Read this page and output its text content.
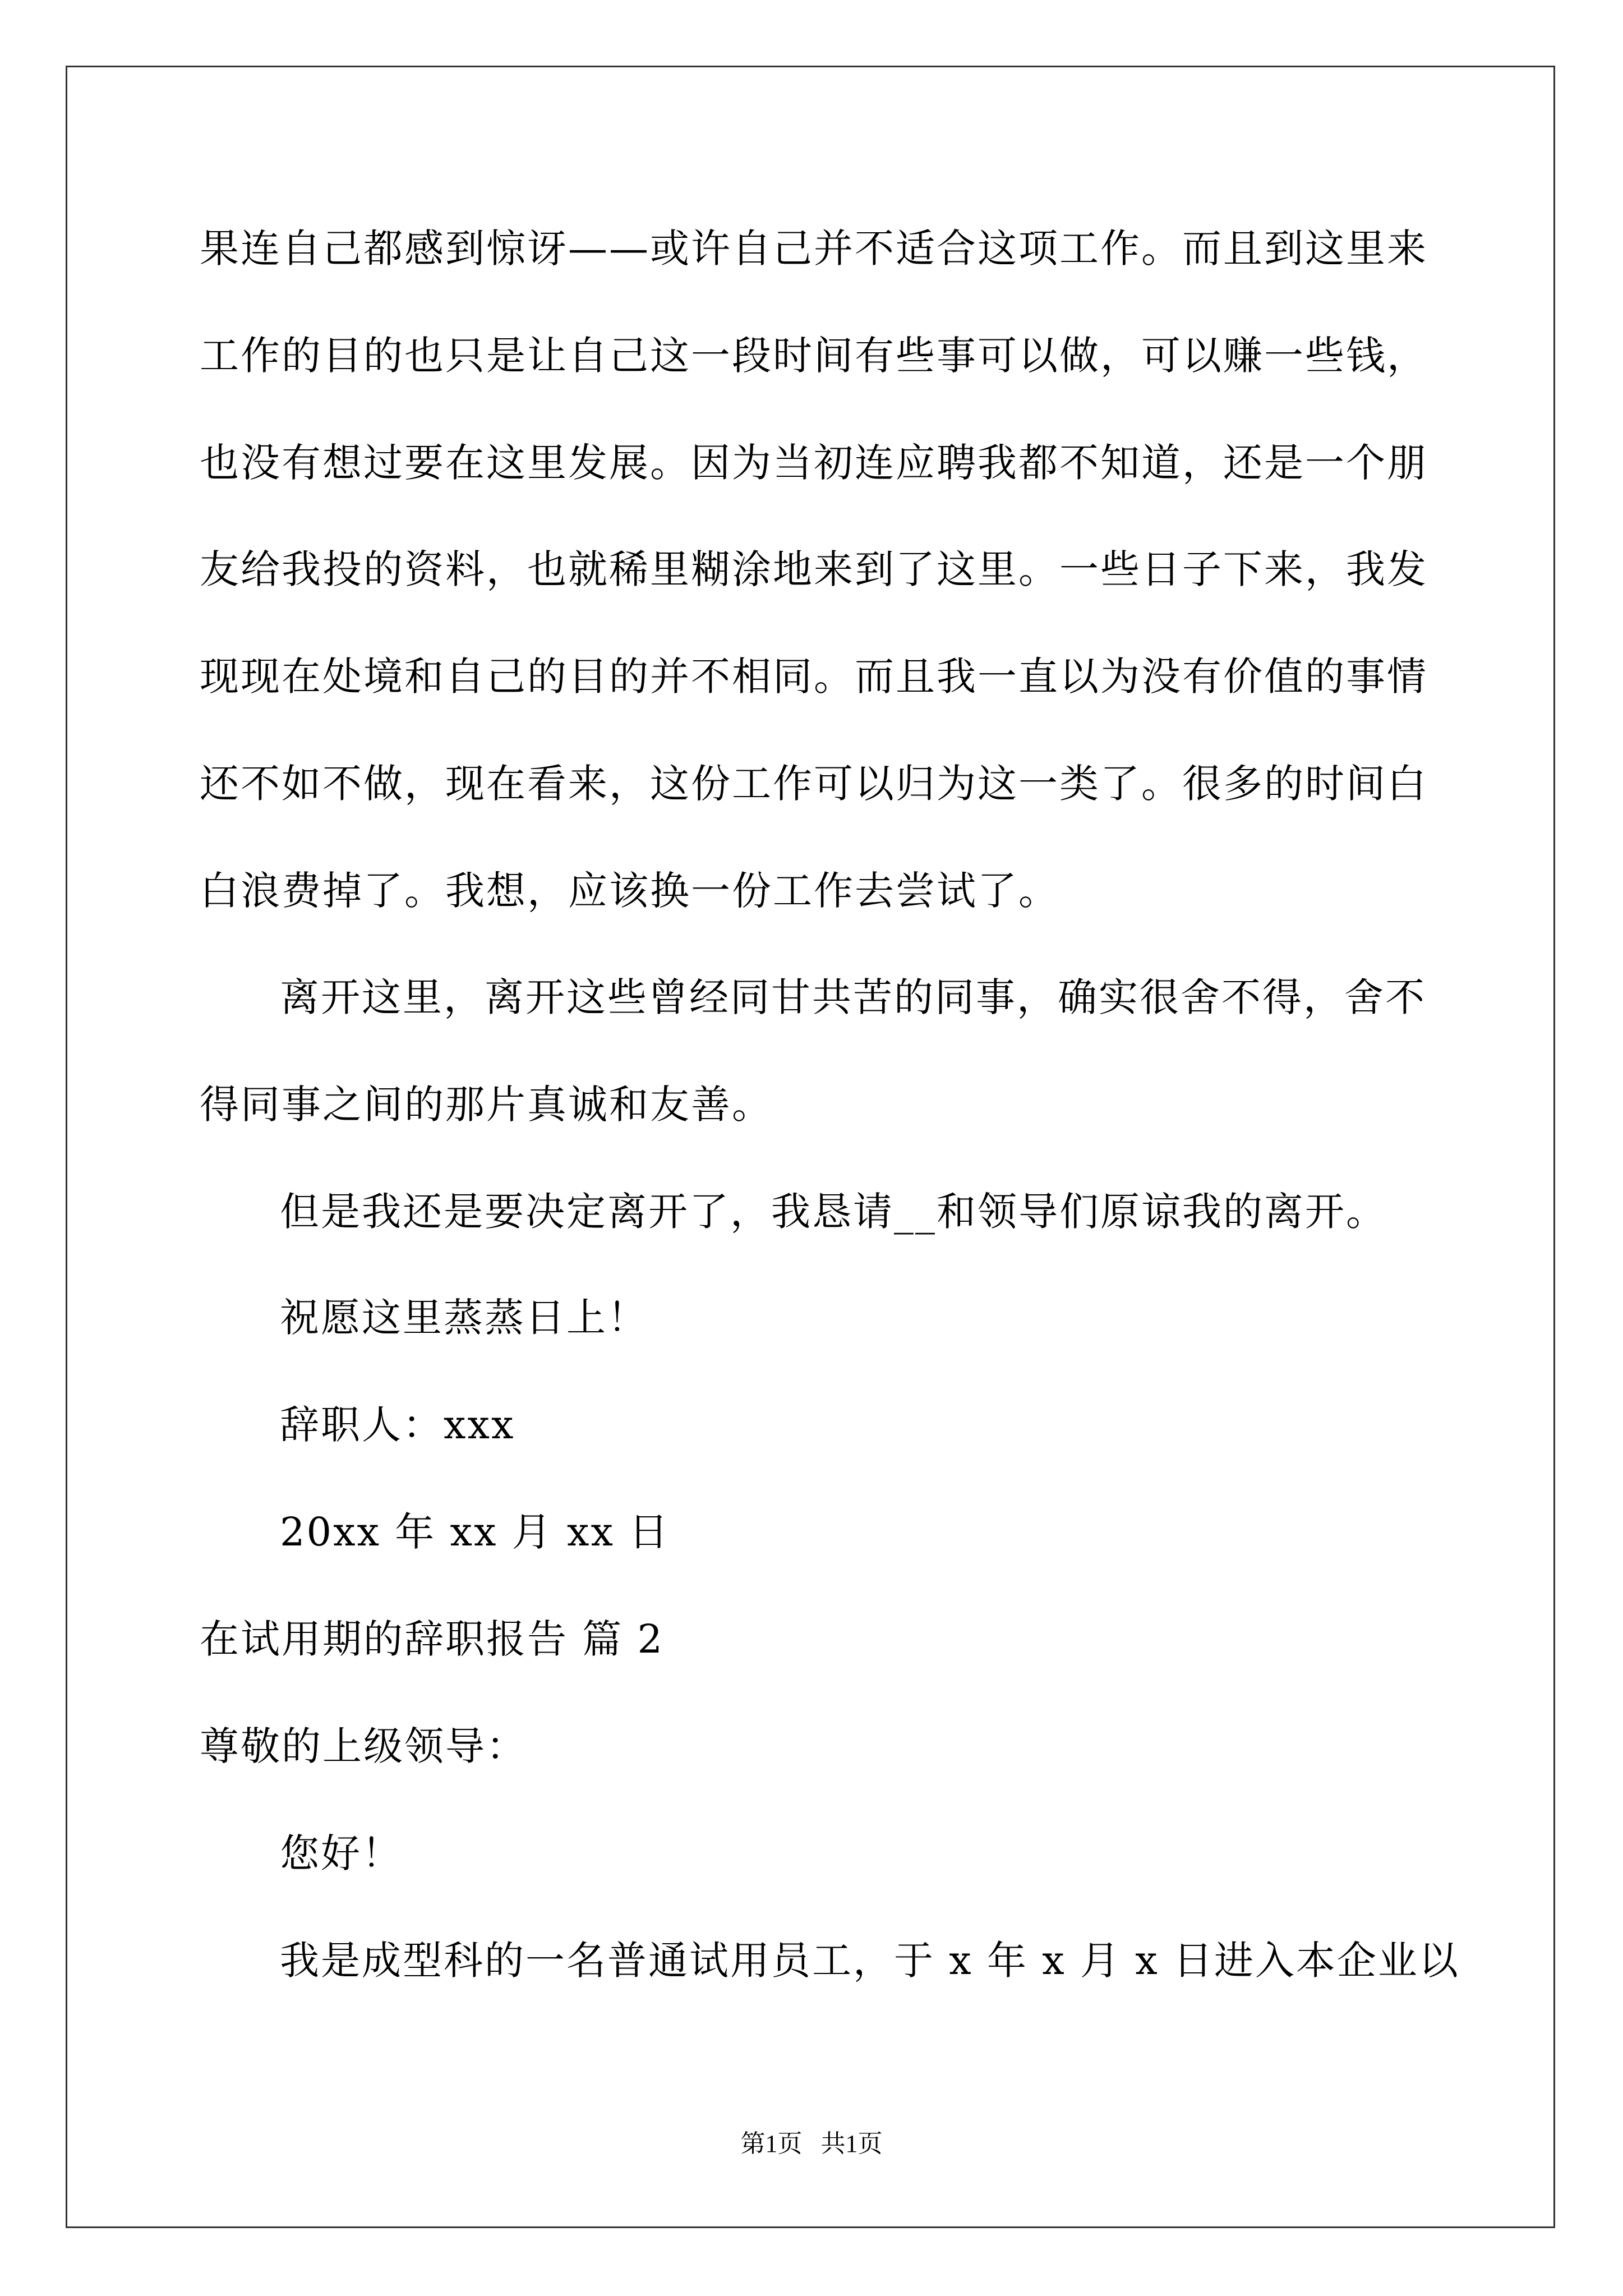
果连自己都感到惊讶——或许自己并不适合这项工作。而且到这里来
工作的目的也只是让自己这一段时间有些事可以做，可以赚一些钱，
也没有想过要在这里发展。因为当初连应聘我都不知道，还是一个朋
友给我投的资料，也就稀里糊涂地来到了这里。一些日子下来，我发
现现在处境和自己的目的并不相同。而且我一直以为没有价值的事情
还不如不做，现在看来，这份工作可以归为这一类了。很多的时间白
白浪费掉了。我想，应该换一份工作去尝试了。
离开这里，离开这些曾经同甘共苦的同事，确实很舍不得，舍不
得同事之间的那片真诚和友善。
但是我还是要决定离开了，我恳请__和领导们原谅我的离开。
祝愿这里蒸蒸日上！
辞职人：xxx
20xx 年 xx 月 xx 日
在试用期的辞职报告 篇 2
尊敬的上级领导：
您好！
我是成型科的一名普通试用员工，于 x 年 x 月 x 日进入本企业以
第1页   共1页
